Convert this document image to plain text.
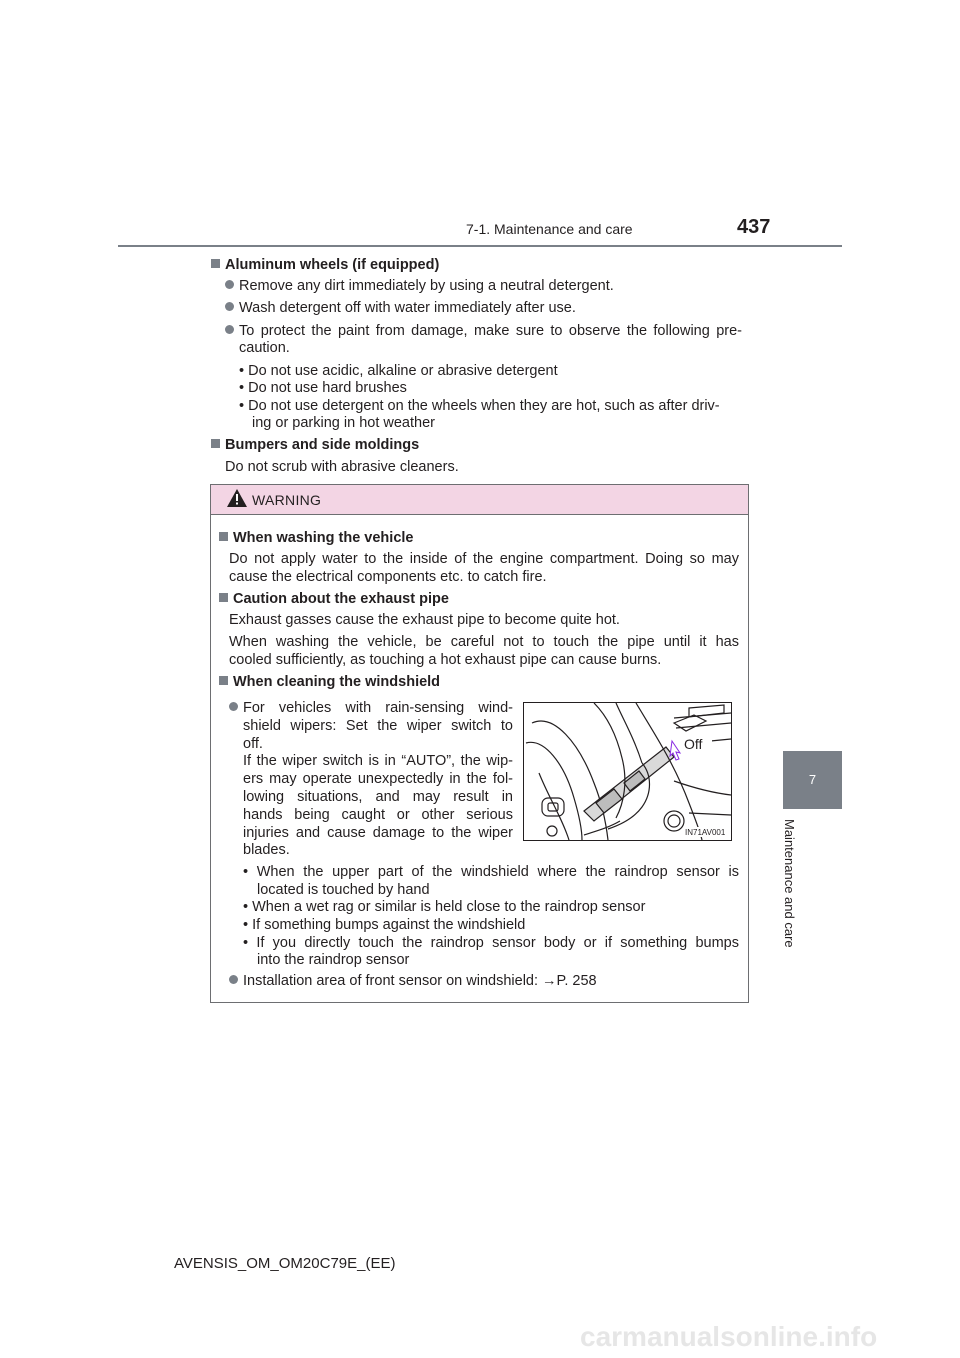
7-1. Maintenance and care	437
7
Maintenance and care
Aluminum wheels (if equipped)
Remove any dirt immediately by using a neutral detergent.
Wash detergent off with water immediately after use.
To protect the paint from damage, make sure to observe the following pre-
caution.
• Do not use acidic, alkaline or abrasive detergent
• Do not use hard brushes
• Do not use detergent on the wheels when they are hot, such as after driv-
ing or parking in hot weather
Bumpers and side moldings
Do not scrub with abrasive cleaners.
WARNING
When washing the vehicle
Do not apply water to the inside of the engine compartment. Doing so may
cause the electrical components etc. to catch fire.
Caution about the exhaust pipe
Exhaust gasses cause the exhaust pipe to become quite hot.
When washing the vehicle, be careful not to touch the pipe until it has
cooled sufficiently, as touching a hot exhaust pipe can cause burns.
When cleaning the windshield
For vehicles with rain-sensing wind-
shield wipers: Set the wiper switch to
off.
If the wiper switch is in “AUTO”, the wip-
ers may operate unexpectedly in the fol-
lowing situations, and may result in
hands being caught or other serious
injuries and cause damage to the wiper
blades.
Off
IN71AV001
• When the upper part of the windshield where the raindrop sensor is
located is touched by hand
• When a wet rag or similar is held close to the raindrop sensor
• If something bumps against the windshield
• If you directly touch the raindrop sensor body or if something bumps
into the raindrop sensor
Installation area of front sensor on windshield: →P. 258
AVENSIS_OM_OM20C79E_(EE)
carmanualsonline.info
